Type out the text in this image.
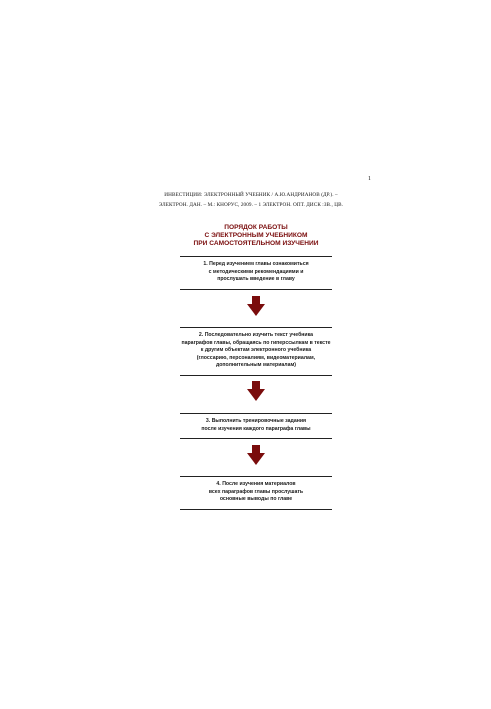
1
ИНВЕСТИЦИИ: ЭЛЕКТРОННЫЙ УЧЕБНИК / А.Ю.АНДРИАНОВ (ДР.). –
ЭЛЕКТРОН. ДАН. – М.: КНОРУС, 2009. – 1 ЭЛЕКТРОН. ОПТ. ДИСК :ЗВ., ЦВ.
ПОРЯДОК РАБОТЫ
С ЭЛЕКТРОННЫМ УЧЕБНИКОМ
ПРИ САМОСТОЯТЕЛЬНОМ ИЗУЧЕНИИ
1. Перед изучением главы ознакомиться
с методическими рекомендациями и
прослушать введение в главу
2. Последовательно изучить текст учебника
параграфов главы, обращаясь по гиперссылкам в тексте
к другим объектам электронного учебника
(глоссарию, персоналиям, видеоматериалам,
дополнительным материалам)
3. Выполнить тренировочные задания
после изучения каждого параграфа главы
4. После изучения материалов
всех параграфов главы прослушать
основные выводы по главе
